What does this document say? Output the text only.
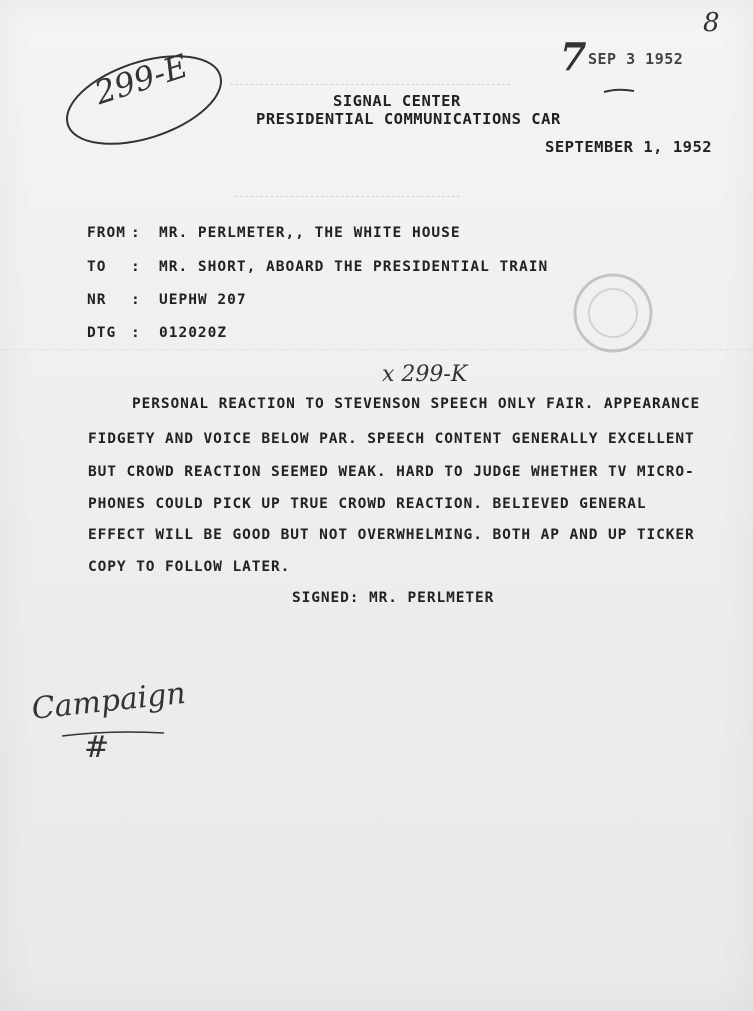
299-E
8
7 SEP 3 1952
SIGNAL CENTER
PRESIDENTIAL COMMUNICATIONS CAR
SEPTEMBER 1, 1952
FROM : MR. PERLMETER,, THE WHITE HOUSE
TO : MR. SHORT, ABOARD THE PRESIDENTIAL TRAIN
NR : UEPHW 207
DTG : 012020Z
x 299-K
PERSONAL REACTION TO STEVENSON SPEECH ONLY FAIR. APPEARANCE
FIDGETY AND VOICE BELOW PAR. SPEECH CONTENT GENERALLY EXCELLENT
BUT CROWD REACTION SEEMED WEAK. HARD TO JUDGE WHETHER TV MICRO-
PHONES COULD PICK UP TRUE CROWD REACTION. BELIEVED GENERAL
EFFECT WILL BE GOOD BUT NOT OVERWHELMING. BOTH AP AND UP TICKER
COPY TO FOLLOW LATER.
SIGNED: MR. PERLMETER
Campaign
#
